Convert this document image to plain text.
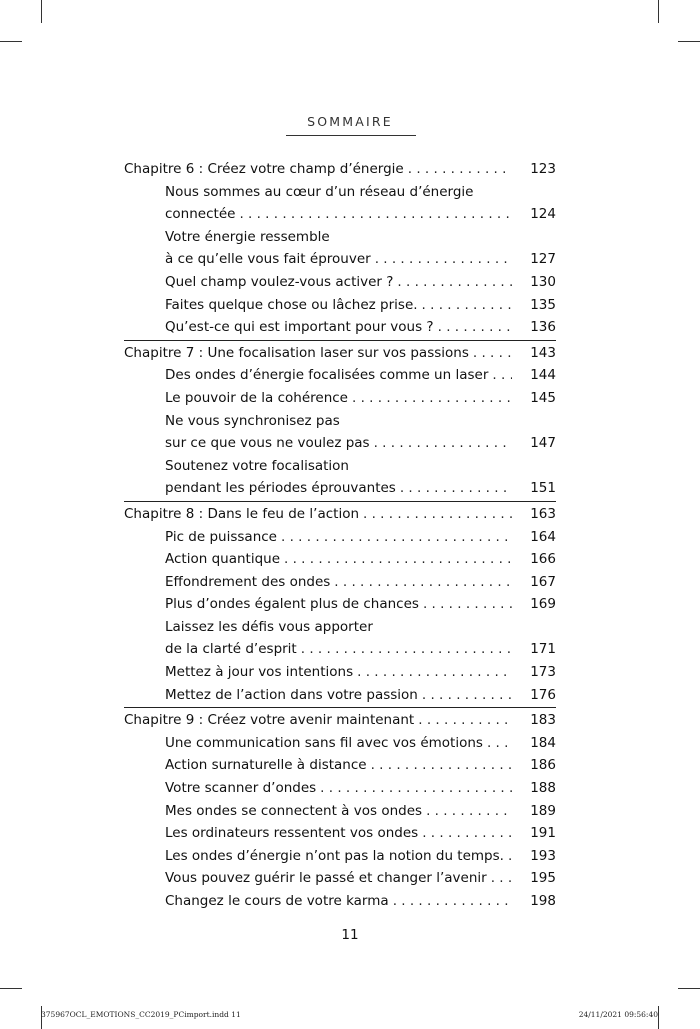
SOMMAIRE
Chapitre 6 : Créez votre champ d’énergie . . .	123
Nous sommes au cœur d’un réseau d’énergie
connectée . . .	124
Votre énergie ressemble
à ce qu’elle vous fait éprouver . . .	127
Quel champ voulez-vous activer ? . . .	130
Faites quelque chose ou lâchez prise. . . .	135
Qu’est-ce qui est important pour vous ? . . .	136
Chapitre 7 : Une focalisation laser sur vos passions . . .	143
Des ondes d’énergie focalisées comme un laser . . .	144
Le pouvoir de la cohérence . . .	145
Ne vous synchronisez pas
sur ce que vous ne voulez pas . . .	147
Soutenez votre focalisation
pendant les périodes éprouvantes . . .	151
Chapitre 8 : Dans le feu de l’action . . .	163
Pic de puissance . . .	164
Action quantique . . .	166
Effondrement des ondes . . .	167
Plus d’ondes égalent plus de chances . . .	169
Laissez les défis vous apporter
de la clarté d’esprit . . .	171
Mettez à jour vos intentions . . .	173
Mettez de l’action dans votre passion . . .	176
Chapitre 9 : Créez votre avenir maintenant . . .	183
Une communication sans fil avec vos émotions . . .	184
Action surnaturelle à distance . . .	186
Votre scanner d’ondes . . .	188
Mes ondes se connectent à vos ondes . . .	189
Les ordinateurs ressentent vos ondes . . .	191
Les ondes d’énergie n’ont pas la notion du temps. . . .	193
Vous pouvez guérir le passé et changer l’avenir . . .	195
Changez le cours de votre karma . . .	198
11
375967OCL_EMOTIONS_CC2019_PCimport.indd 11	24/11/2021 09:56:40
